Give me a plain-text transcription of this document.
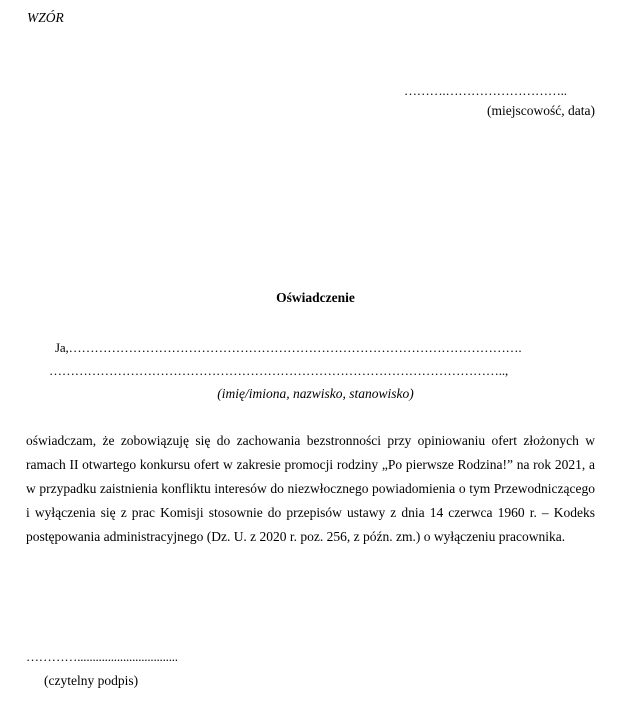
WZÓR

……….………………………..

(miejscowość, data)

Oświadczenie

Ja,…………………………………………………………………………………………….

……………………………………………………………………………………………..,

(imię/imiona, nazwisko, stanowisko)

oświadczam, że zobowiązuję się do zachowania bezstronności przy opiniowaniu ofert złożonych w ramach II otwartego konkursu ofert w zakresie promocji rodziny „Po pierwsze Rodzina!” na rok 2021, a w przypadku zaistnienia konfliktu interesów do niezwłocznego powiadomienia o tym Przewodniczącego i wyłączenia się z prac Komisji stosownie do przepisów ustawy z dnia 14 czerwca 1960 r. – Kodeks postępowania administracyjnego (Dz. U. z 2020 r. poz. 256, z późn. zm.) o wyłączeniu pracownika.

………….................................

(czytelny podpis)
